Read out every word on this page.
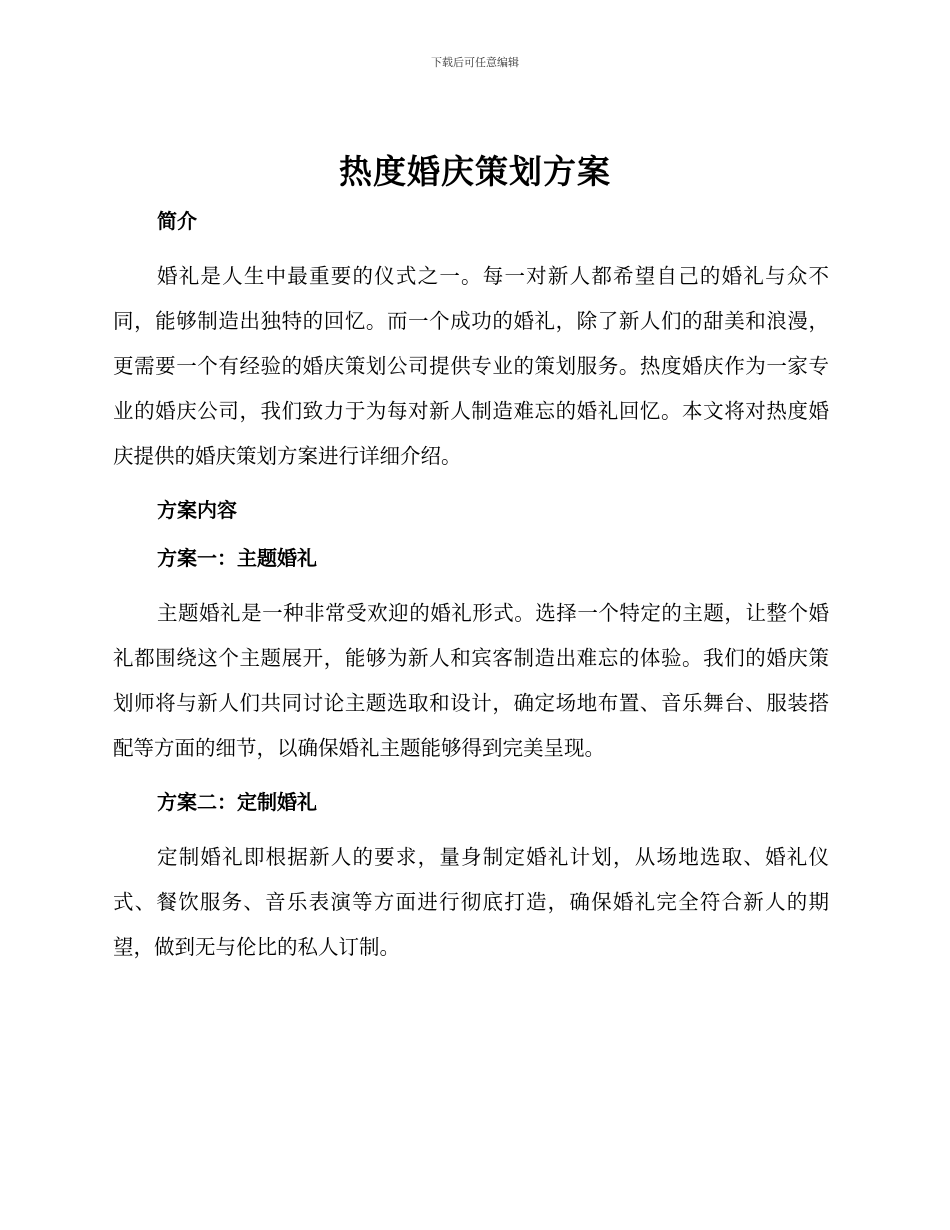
下载后可任意编辑
热度婚庆策划方案

简介

婚礼是人生中最重要的仪式之一。每一对新人都希望自己的婚礼与众不同，能够制造出独特的回忆。而一个成功的婚礼，除了新人们的甜美和浪漫，更需要一个有经验的婚庆策划公司提供专业的策划服务。热度婚庆作为一家专业的婚庆公司，我们致力于为每对新人制造难忘的婚礼回忆。本文将对热度婚庆提供的婚庆策划方案进行详细介绍。

方案内容

方案一：主题婚礼

主题婚礼是一种非常受欢迎的婚礼形式。选择一个特定的主题，让整个婚礼都围绕这个主题展开，能够为新人和宾客制造出难忘的体验。我们的婚庆策划师将与新人们共同讨论主题选取和设计，确定场地布置、音乐舞台、服装搭配等方面的细节，以确保婚礼主题能够得到完美呈现。

方案二：定制婚礼

定制婚礼即根据新人的要求，量身制定婚礼计划，从场地选取、婚礼仪式、餐饮服务、音乐表演等方面进行彻底打造，确保婚礼完全符合新人的期望，做到无与伦比的私人订制。
